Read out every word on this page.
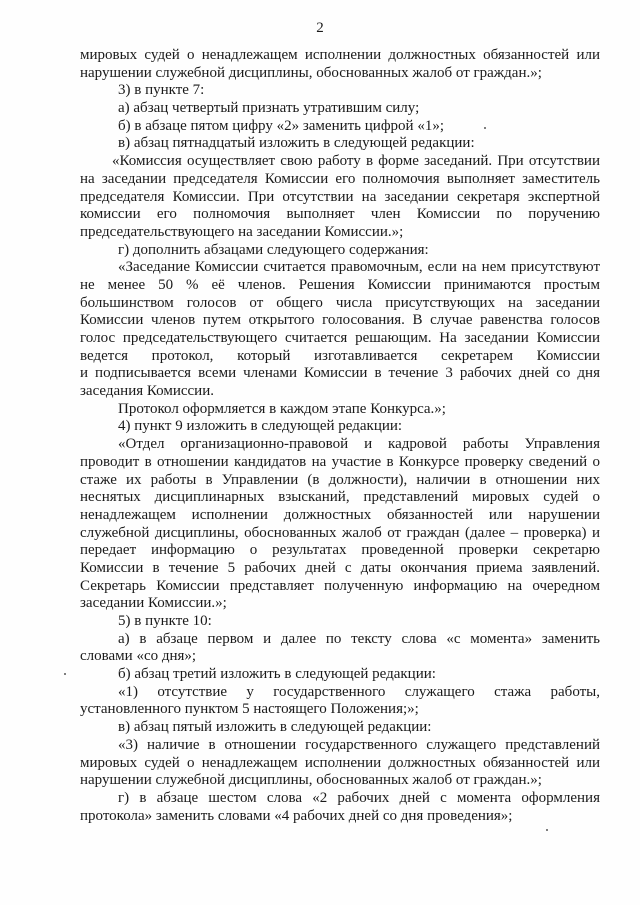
2
мировых судей о ненадлежащем исполнении должностных обязанностей или
нарушении служебной дисциплины, обоснованных жалоб от граждан.»;
3) в пункте 7:
а) абзац четвертый признать утратившим силу;
б) в абзаце пятом цифру «2» заменить цифрой «1»;
в) абзац пятнадцатый изложить в следующей редакции:
«Комиссия осуществляет свою работу в форме заседаний. При отсутствии
на заседании председателя Комиссии его полномочия выполняет заместитель
председателя Комиссии. При отсутствии на заседании секретаря экспертной
комиссии его полномочия выполняет член Комиссии по поручению
председательствующего на заседании Комиссии.»;
г) дополнить абзацами следующего содержания:
«Заседание Комиссии считается правомочным, если на нем присутствуют
не менее 50 % её членов. Решения Комиссии принимаются простым
большинством голосов от общего числа присутствующих на заседании
Комиссии членов путем открытого голосования. В случае равенства голосов
голос председательствующего считается решающим. На заседании Комиссии
ведется протокол, который изготавливается секретарем Комиссии
и подписывается всеми членами Комиссии в течение 3 рабочих дней со дня
заседания Комиссии.
Протокол оформляется в каждом этапе Конкурса.»;
4) пункт 9 изложить в следующей редакции:
«Отдел организационно-правовой и кадровой работы Управления
проводит в отношении кандидатов на участие в Конкурсе проверку сведений о
стаже их работы в Управлении (в должности), наличии в отношении них
неснятых дисциплинарных взысканий, представлений мировых судей о
ненадлежащем исполнении должностных обязанностей или нарушении
служебной дисциплины, обоснованных жалоб от граждан (далее – проверка) и
передает информацию о результатах проведенной проверки секретарю
Комиссии в течение 5 рабочих дней с даты окончания приема заявлений.
Секретарь Комиссии представляет полученную информацию на очередном
заседании Комиссии.»;
5) в пункте 10:
а) в абзаце первом и далее по тексту слова «с момента» заменить
словами «со дня»;
б) абзац третий изложить в следующей редакции:
«1) отсутствие у государственного служащего стажа работы,
установленного пунктом 5 настоящего Положения;»;
в) абзац пятый изложить в следующей редакции:
«3) наличие в отношении государственного служащего представлений
мировых судей о ненадлежащем исполнении должностных обязанностей или
нарушении служебной дисциплины, обоснованных жалоб от граждан.»;
г) в абзаце шестом слова «2 рабочих дней с момента оформления
протокола» заменить словами «4 рабочих дней со дня проведения»;
